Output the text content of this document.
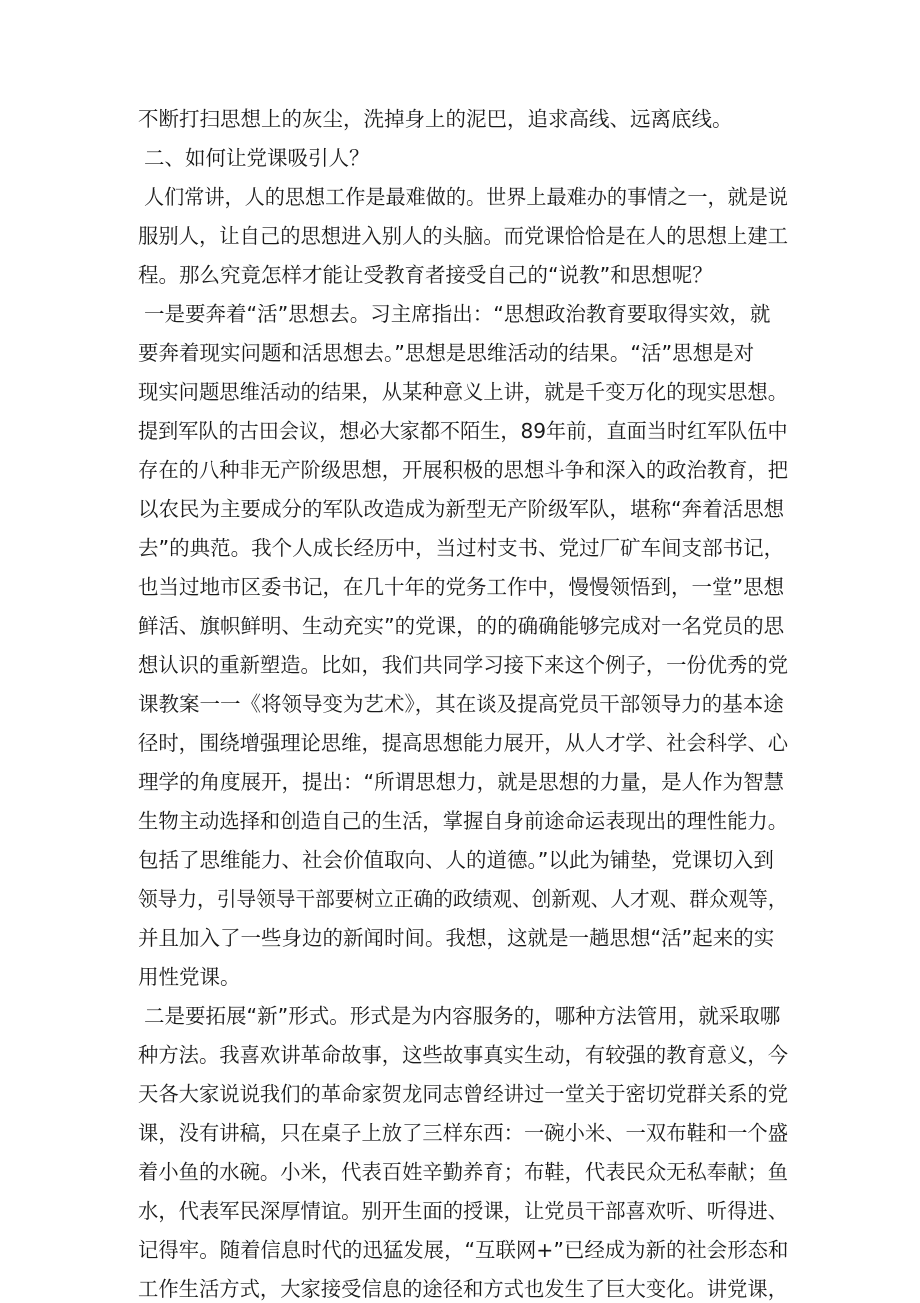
不断打扫思想上的灰尘，洗掉身上的泥巴，追求高线、远离底线。
二、如何让党课吸引人？
人们常讲，人的思想工作是最难做的。世界上最难办的事情之一，就是说
服别人，让自己的思想进入别人的头脑。而党课恰恰是在人的思想上建工
程。那么究竟怎样才能让受教育者接受自己的“说教”和思想呢？
一是要奔着“活”思想去。习主席指出：“思想政治教育要取得实效，就
要奔着现实问题和活思想去。”思想是思维活动的结果。“活”思想是对
现实问题思维活动的结果，从某种意义上讲，就是千变万化的现实思想。
提到军队的古田会议，想必大家都不陌生，89年前，直面当时红军队伍中
存在的八种非无产阶级思想，开展积极的思想斗争和深入的政治教育，把
以农民为主要成分的军队改造成为新型无产阶级军队，堪称“奔着活思想
去”的典范。我个人成长经历中，当过村支书、党过厂矿车间支部书记，
也当过地市区委书记，在几十年的党务工作中，慢慢领悟到，一堂”思想
鲜活、旗帜鲜明、生动充实”的党课，的的确确能够完成对一名党员的思
想认识的重新塑造。比如，我们共同学习接下来这个例子，一份优秀的党
课教案一一《将领导变为艺术》，其在谈及提高党员干部领导力的基本途
径时，围绕增强理论思维，提高思想能力展开，从人才学、社会科学、心
理学的角度展开，提出：“所谓思想力，就是思想的力量，是人作为智慧
生物主动选择和创造自己的生活，掌握自身前途命运表现出的理性能力。
包括了思维能力、社会价值取向、人的道德。”以此为铺垫，党课切入到
领导力，引导领导干部要树立正确的政绩观、创新观、人才观、群众观等，
并且加入了一些身边的新闻时间。我想，这就是一趟思想“活”起来的实
用性党课。
二是要拓展“新”形式。形式是为内容服务的，哪种方法管用，就采取哪
种方法。我喜欢讲革命故事，这些故事真实生动，有较强的教育意义，今
天各大家说说我们的革命家贺龙同志曾经讲过一堂关于密切党群关系的党
课，没有讲稿，只在桌子上放了三样东西：一碗小米、一双布鞋和一个盛
着小鱼的水碗。小米，代表百姓辛勤养育；布鞋，代表民众无私奉献；鱼
水，代表军民深厚情谊。别开生面的授课，让党员干部喜欢听、听得进、
记得牢。随着信息时代的迅猛发展，“互联网+”已经成为新的社会形态和
工作生活方式，大家接受信息的途径和方式也发生了巨大变化。讲党课，
